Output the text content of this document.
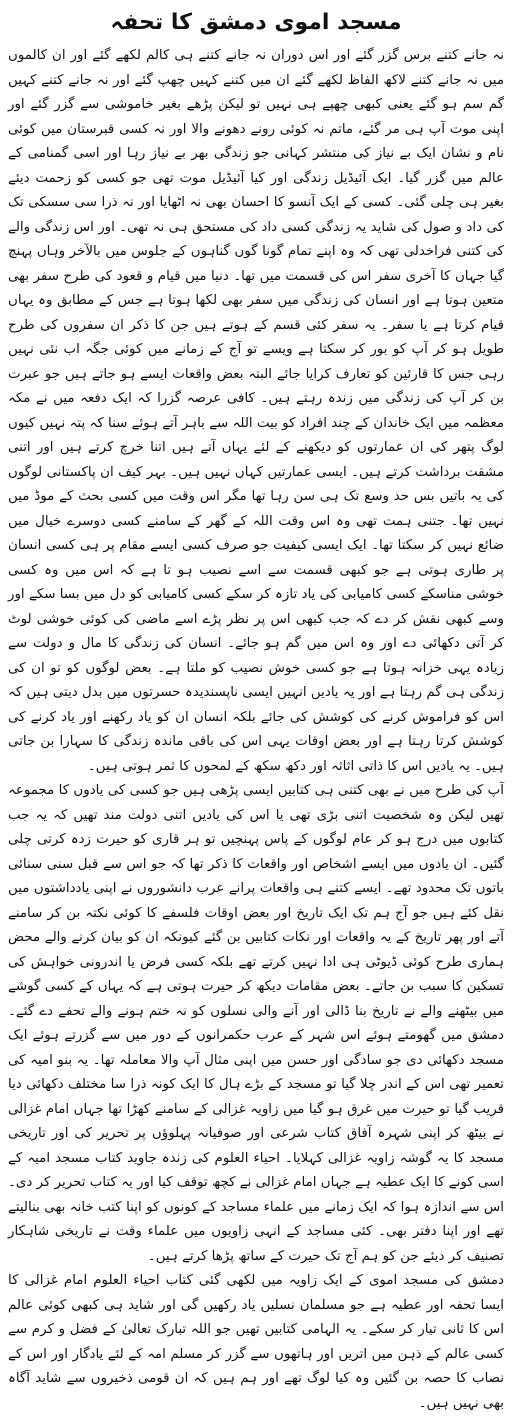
مسجد اموی دمشق کا تحفہ

نہ جانے کتنے برس گزر گئے اور اس دوران نہ جانے کتنے ہی کالم لکھے گئے اور ان کالموں میں نہ جانے کتنے لاکھ الفاظ لکھے گئے ان میں کتنے کہیں چھپ گئے اور نہ جانے کتنے کہیں گم سم ہو گئے یعنی کبھی چھپے ہی نہیں تو لیکن پڑھے بغیر خاموشی سے گزر گئے اور اپنی موت آپ ہی مر گئے، ماتم نہ کوئی رونے دھونے والا اور نہ کسی قبرستان میں کوئی نام و نشان ایک بے نیاز کی منتشر کہانی جو زندگی بھر بے نیاز رہا اور اسی گمنامی کے عالم میں گزر گیا۔ ایک آئیڈیل زندگی اور کیا آئیڈیل موت تھی جو کسی کو زحمت دیئے بغیر ہی چلی گئی۔ کسی کے ایک آنسو کا احسان بھی نہ اٹھایا اور نہ ذرا سی سسکی تک کی داد و صول کی شاید یہ زندگی کسی داد کی مستحق ہی نہ تھی۔ اور اس زندگی والے کی کتنی فراخدلی تھی کہ وہ اپنے تمام گونا گوں گناہوں کے جلوس میں بالآخر وہاں پہنچ گیا جہاں کا آخری سفر اس کی قسمت میں تھا۔ دنیا میں قیام و قعود کی طرح سفر بھی متعین ہوتا ہے اور انسان کی زندگی میں سفر بھی لکھا ہوتا ہے جس کے مطابق وہ یہاں قیام کرتا ہے یا سفر۔ یہ سفر کئی قسم کے ہوتے ہیں جن کا ذکر ان سفروں کی طرح طویل ہو کر آپ کو بور کر سکتا ہے ویسے تو آج کے زمانے میں کوئی جگہ اب نئی نہیں رہی جس کا قارئین کو تعارف کرایا جائے البتہ بعض واقعات ایسے ہو جاتے ہیں جو عبرت بن کر آپ کی زندگی میں زندہ رہتے ہیں۔ کافی عرصہ گزرا کہ ایک دفعہ میں نے مکہ معظمہ میں ایک خاندان کے چند افراد کو بیت اللہ سے باہر آتے ہوئے سنا کہ پتہ نہیں کیوں لوگ پتھر کی ان عمارتوں کو دیکھنے کے لئے یہاں آتے ہیں اتنا خرچ کرتے ہیں اور اتنی مشقت برداشت کرتے ہیں۔ ایسی عمارتیں کہاں نہیں ہیں۔ بہر کیف ان پاکستانی لوگوں کی یہ باتیں بس حد وسع تک ہی سن رہا تھا مگر اس وقت میں کسی بحث کے موڈ میں نہیں تھا۔ جتنی ہمت تھی وہ اس وقت اللہ کے گھر کے سامنے کسی دوسرے خیال میں ضائع نہیں کر سکتا تھا۔ ایک ایسی کیفیت جو صرف کسی ایسے مقام پر ہی کسی انسان پر طاری ہوتی ہے جو کبھی قسمت سے اسے نصیب ہو تا ہے کہ اس میں وہ کسی خوشی مناسکے کسی کامیابی کی یاد تازہ کر سکے کسی کامیابی کو دل میں بسا سکے اور وسے کبھی نقش کر دے کہ جب کبھی اس پر نظر پڑے اسے ماضی کی کوئی خوشی لوٹ کر آتی دکھائی دے اور وہ اس میں گم ہو جائے۔ انسان کی زندگی کا مال و دولت سے زیادہ یہی خزانہ ہوتا ہے جو کسی خوش نصیب کو ملتا ہے۔ بعض لوگوں کو تو ان کی زندگی ہی گم رہتا ہے اور یہ یادیں انہیں ایسی ناپسندیدہ حسرتوں میں بدل دیتی ہیں کہ اس کو فراموش کرنے کی کوشش کی جائے بلکہ انسان ان کو یاد رکھنے اور یاد کرنے کی کوشش کرتا رہتا ہے اور بعض اوقات یہی اس کی باقی ماندہ زندگی کا سہارا بن جاتی ہیں۔ یہ یادیں اس کا ذاتی اثاثہ اور دکھ سکھ کے لمحوں کا ثمر ہوتی ہیں۔

آپ کی طرح میں نے بھی کتنی ہی کتابیں ایسی پڑھی ہیں جو کسی کی یادوں کا مجموعہ تھیں لیکن وہ شخصیت اتنی بڑی تھی یا اس کی یادیں اتنی دولت مند تھیں کہ یہ جب کتابوں میں درج ہو کر عام لوگوں کے پاس پہنچیں تو ہر قاری کو حیرت زدہ کرتی چلی گئیں۔ ان یادوں میں ایسے اشخاص اور واقعات کا ذکر تھا کہ جو اس سے قبل سنی سنائی باتوں تک محدود تھے۔ ایسے کتنے ہی واقعات پرانے عرب دانشوروں نے اپنی یادداشتوں میں نقل کئے ہیں جو آج ہم تک ایک تاریخ اور بعض اوقات فلسفے کا کوئی نکتہ بن کر سامنے آتے اور پھر تاریخ کے یہ واقعات اور نکات کتابیں بن گئے کیونکہ ان کو بیان کرنے والے محض ہماری طرح کوئی ڈیوٹی ہی ادا نہیں کرتے تھے بلکہ کسی فرض یا اندرونی خواہش کی تسکین کا سبب بن جاتے۔ بعض مقامات دیکھ کر حیرت ہوتی ہے کہ یہاں کے کسی گوشے میں بیٹھنے والے نے تاریخ بنا ڈالی اور آنے والی نسلوں کو نہ ختم ہونے والے تحفے دے گئے۔ دمشق میں گھومتے ہوئے اس شہر کے عرب حکمرانوں کے دور میں سے گزرتے ہوئے ایک مسجد دکھائی دی جو سادگی اور حسن میں اپنی مثال آپ والا معاملہ تھا۔ یہ بنو امیہ کی تعمیر تھی اس کے اندر چلا گیا تو مسجد کے بڑے ہال کا ایک کونہ ذرا سا مختلف دکھائی دیا قریب گیا تو حیرت میں غرق ہو گیا میں زاویہ غزالی کے سامنے کھڑا تھا جہاں امام غزالی نے بیٹھ کر اپنی شہرہ آفاق کتاب شرعی اور صوفیانہ پہلوؤں پر تحریر کی اور تاریخی مسجد کا یہ گوشہ زاویہ غزالی کہلایا۔ احیاء العلوم کی زندہ جاوید کتاب مسجد امیہ کے اسی کونے کا ایک عطیہ ہے جہاں امام غزالی نے کچھ توقف کیا اور یہ کتاب تحریر کر دی۔ اس سے اندازہ ہوا کہ ایک زمانے میں علماء مساجد کے کونوں کو اپنا کتب خانہ بھی بنالیتے تھے اور اپنا دفتر بھی۔ کئی مساجد کے انہی زاویوں میں علماء وقت نے تاریخی شاہکار تصنیف کر دیئے جن کو ہم آج تک حیرت کے ساتھ پڑھا کرتے ہیں۔

دمشق کی مسجد اموی کے ایک زاویہ میں لکھی گئی کتاب احیاء العلوم امام غزالی کا ایسا تحفہ اور عطیہ ہے جو مسلمان نسلیں یاد رکھیں گی اور شاید ہی کبھی کوئی عالم اس کا ثانی تیار کر سکے۔ یہ الہامی کتابیں تھیں جو اللہ تبارک تعالیٰ کے فضل و کرم سے کسی عالم کے ذہن میں اتریں اور ہاتھوں سے گزر کر مسلم امہ کے لئے یادگار اور اس کے نصاب کا حصہ بن گئیں وہ کیا لوگ تھے اور ہم ہیں کہ ان قومی ذخیروں سے شاید آگاہ بھی نہیں ہیں۔
